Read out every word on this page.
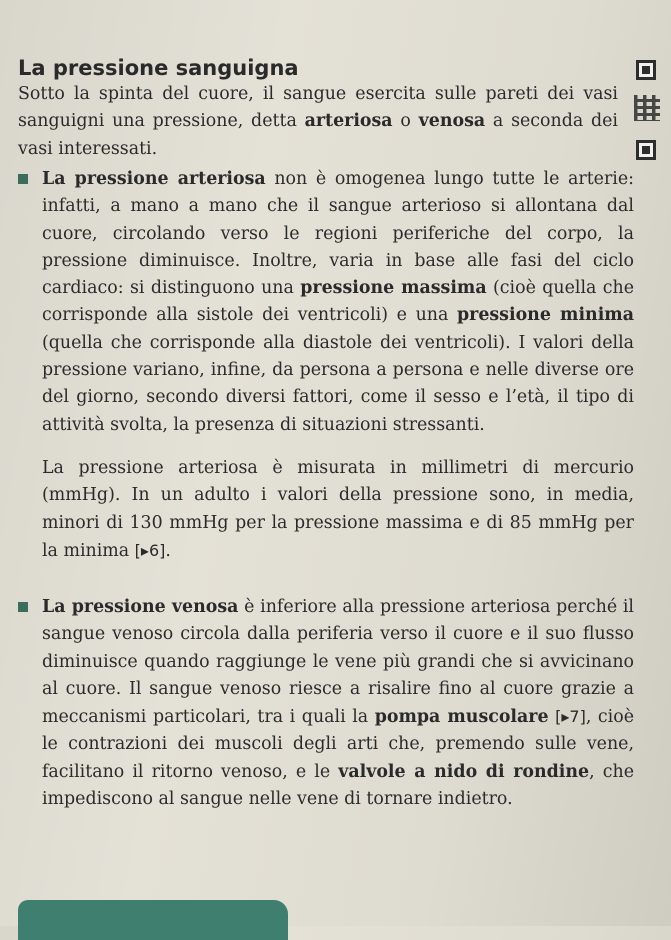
La pressione sanguigna

Sotto la spinta del cuore, il sangue esercita sulle pareti dei vasi sanguigni una pressione, detta arteriosa o venosa a seconda dei vasi interessati.

La pressione arteriosa non è omogenea lungo tutte le arterie: infatti, a mano a mano che il sangue arterioso si allontana dal cuore, circolando verso le regioni periferiche del corpo, la pressione diminuisce. Inoltre, varia in base alle fasi del ciclo cardiaco: si distinguono una pressione massima (cioè quella che corrisponde alla sistole dei ventricoli) e una pressione minima (quella che corrisponde alla diastole dei ventricoli). I valori della pressione variano, infine, da persona a persona e nelle diverse ore del giorno, secondo diversi fattori, come il sesso e l’età, il tipo di attività svolta, la presenza di situazioni stressanti.

La pressione arteriosa è misurata in millimetri di mercurio (mmHg). In un adulto i valori della pressione sono, in media, minori di 130 mmHg per la pressione massima e di 85 mmHg per la minima [▸6].

La pressione venosa è inferiore alla pressione arteriosa perché il sangue venoso circola dalla periferia verso il cuore e il suo flusso diminuisce quando raggiunge le vene più grandi che si avvicinano al cuore. Il sangue venoso riesce a risalire fino al cuore grazie a meccanismi particolari, tra i quali la pompa muscolare [▸7], cioè le contrazioni dei muscoli degli arti che, premendo sulle vene, facilitano il ritorno venoso, e le valvole a nido di rondine, che impediscono al sangue nelle vene di tornare indietro.
